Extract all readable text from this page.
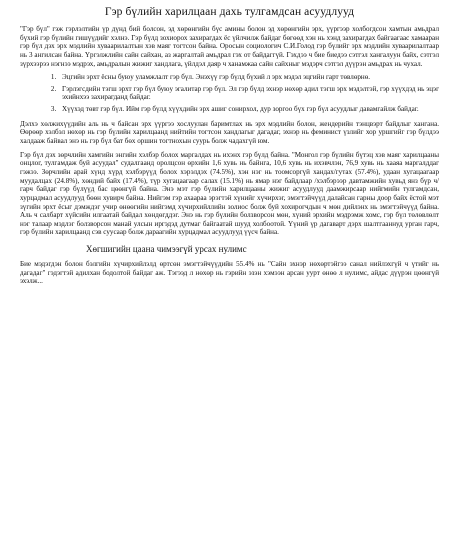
Гэр бүлийн харилцаан дахь тулгамдсан асуудлууд

"Гэр бүл" гэж гэрлэлтийн үр дүнд бий болсон, эд хөрөнгийн бүс амины болон эд хөрөнгийн эрх, үүргээр холбогдсон хамтын амьдрал бүхий гэр бүлийн гишүүдийг хэлнэ. Гэр бүлд зохиорох захирагдах ёс үйлчилж байдаг бөгөөд хэн нь хэнд захирагдах байгаагаас хамааран гэр бүл дэх эрх мэдлийн хуваарилалтын хэв маяг тогтсон байна. Оросын социологич С.И.Голод гэр бүлийг эрх мэдлийн хуваарилалтаар нь 3 ангилсан байна. Үргэлжлийн сайн сайхан, аз жаргалтай амьдрал гэх от байдаггүй. Гэхдээ ч бие биедээ сэтгэл хангалуун байх, сэтгэл зүрхээрээ нэгнээ мэдрэх, амьдралын жижиг хандлага, үйлдэл даяр ч ханамжаа сайн сайхныг мэдэрч сэтгэл дүүрэн амьдрах нь чухал.

1. Эцгийн эрхт ёсны буюу уламжлалт гэр бүл. Энэхүү гэр бүлд бүхий л эрх мэдэл эцгийн гарт төвлөрнө.
2. Гэрлэгсдийн тэгш эрхт гэр бүл буюу эгалитар гэр бүл. Эл гэр бүлд эхнэр нөхөр адил тэгш эрх мэдэлтэй, гэр хүүхдэд нь эцэг эхийнхээ захирагданд байдаг.
3. Хүүхэд төвт гэр бүл. Ийм гэр бүлд хүүхдийн эрх ашиг сонирхол, дур зоргоо бүх гэр бүл асуудлыг давамгайлж байдаг.

Дэлхэ хөлжихүүдийн аль нь ч байсан эрх үүргээ хослуулан баримтлах нь эрх мэдлийн болон, жендерийн тэнцвэрт байдлыг хангана. Өөрөөр хэлбэл нөхөр нь гэр бүлийн харилцаанд нийтийн тогтсон хандлагыг дагадаг, эхнэр нь феминист үзлийг хор уршгийг гэр бүлдээ халдааж байвал энэ нь гэр бүл бат бөх оршин тогтнохын суурь болж чадахгүй юм.

Гэр бүл дэх зөрчлийн хамгийн энгийн хэлбэр болох маргалдах нь ихэнх гэр бүлд байна. "Монгол гэр бүлийн бүтэц хэв маяг харилцааны онцлог, тулгамдаж буй асуудал" судалгаанд оролцсон өрхийн 1,6 хувь нь байнга, 10,6 хувь нь ихэвчлэн, 76,9 хувь нь хааяа маргалддаг гэжээ. Зөрчлийн арай хүнд хүрд хэлбэрүүд болох хэрэлдэх (74.5%), хэн нэг нь тоомсоргүй хандах/гутах (57.4%), удаан хугацаагаар муудалцах (24.8%), хөндий байх (17.4%), түр хугацаагаар салах (15.1%) нь ямар нэг байдлаар /хэлбэрээр давтамжийн хувьд янз бүр ч/ гарч байдаг гэр бүлүүд бас цөөнгүй байна. Энэ мэт гэр бүлийн харилцааны жижиг асуудлууд даамжирсаар нийгмийн тулгамдсан, хурцадмал асуудлууд бөөн хувирч байна. Нийгэм гэр ахаараа эрэгтэй хүнийг хүчирхэг, эмэгтэйчүүд далайсан гарны доор байх ёстой мэт зүгийн эрхт ёсыг дэмждэг учир өнөөгийн нийгэмд хүчирхийллийн золиос болж буй хохирогчдын ч мөн дийлэнх нь эмэгтэйчүүд байна. Аль ч салбарт хүйсийн илгаатай байдал хөндөгддэг. Энэ нь гэр бүлийн болзворсон мөн, хүний эрхийн мэдрэмж хомс, гэр бүл төлөвлөлт нэг талаар мэдлэг болзворсон манай улсын иргэдэд дутмаг байгаатай шууд холбоотой. Үүний үр дагаварт дэрх шалтгааннуд урган гарч, гэр бүлийн харилцаанд сэв суусаар болж дараагийн хурцадмал асуудлууд үүсч байна.

Хөгшигийн цаана чимээгүй урсах нулимс

Бие мэдэгдэн болон бэлгийн хүчирхийлэлд өртсөн эмэгтэйчүүдийн 55.4% нь "Сайн эхнэр нөхөртэйгээ санал нийлэхгүй ч үтийг нь дагадаг" гэдэгтэй адилхан бодолтой байдаг аж. Тэгээд л нөхөр нь гэрийн эзэн хэмээн арсан уурт өнөө л нулимс, айдас дүүрэн цөөнгүй эхэлж...
